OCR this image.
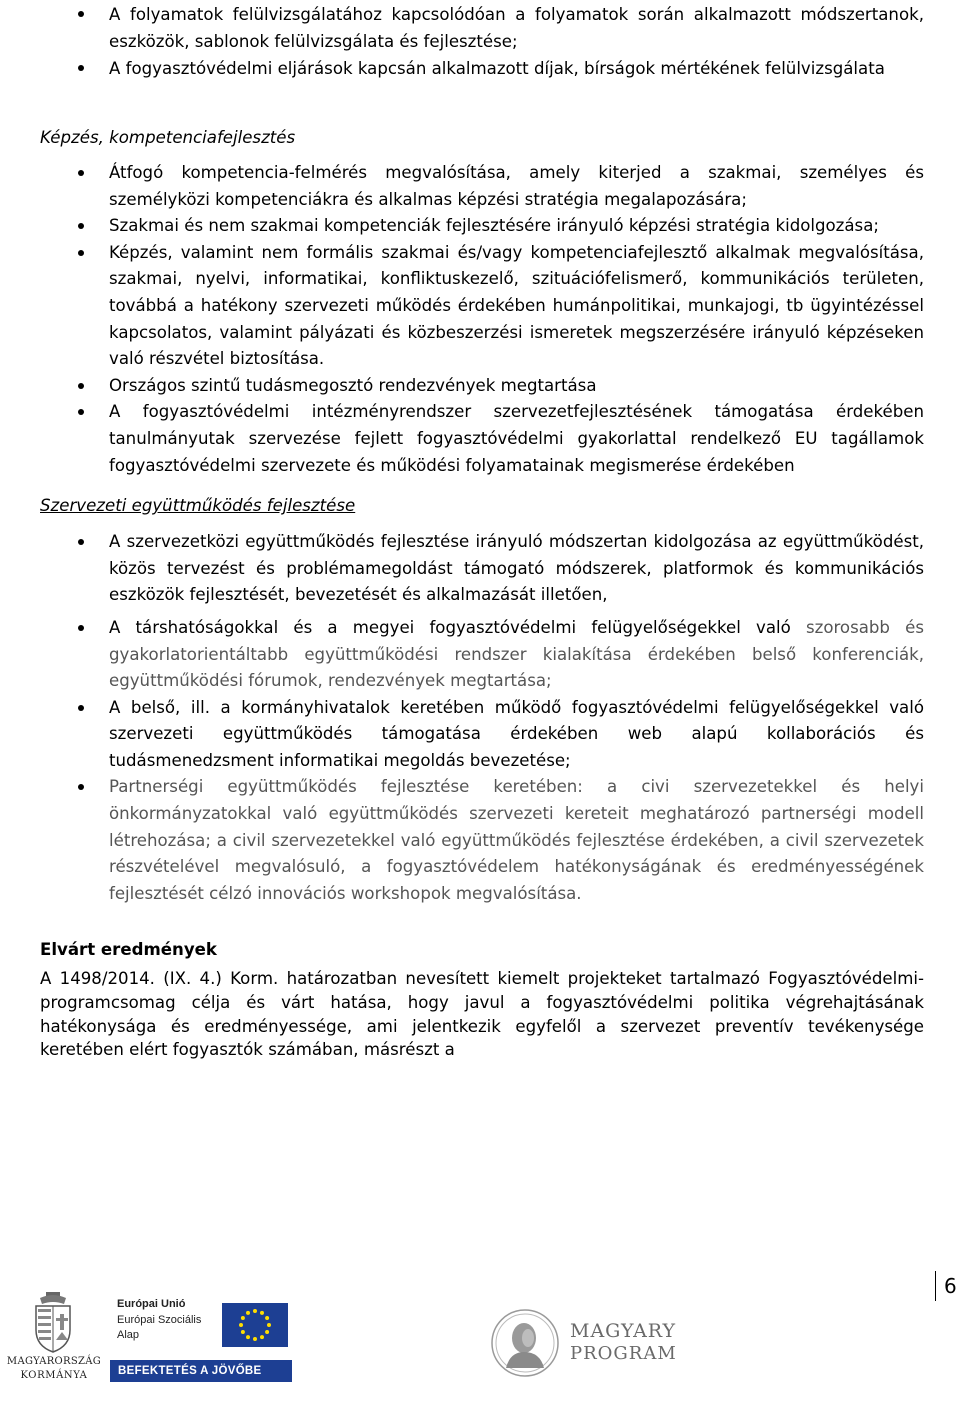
A folyamatok felülvizsgálatához kapcsolódóan a folyamatok során alkalmazott módszertanok, eszközök, sablonok felülvizsgálata és fejlesztése;
A fogyasztóvédelmi eljárások kapcsán alkalmazott díjak, bírságok mértékének felülvizsgálata

Képzés, kompetenciafejlesztés

Átfogó kompetencia-felmérés megvalósítása, amely kiterjed a szakmai, személyes és személyközi kompetenciákra és alkalmas képzési stratégia megalapozására;
Szakmai és nem szakmai kompetenciák fejlesztésére irányuló képzési stratégia kidolgozása;
Képzés, valamint nem formális szakmai és/vagy kompetenciafejlesztő alkalmak megvalósítása, szakmai, nyelvi, informatikai, konfliktuskezelő, szituációfelismerő, kommunikációs területen, továbbá a hatékony szervezeti működés érdekében humánpolitikai, munkajogi, tb ügyintézéssel kapcsolatos, valamint pályázati és közbeszerzési ismeretek megszerzésére irányuló képzéseken való részvétel biztosítása.
Országos szintű tudásmegosztó rendezvények megtartása
A fogyasztóvédelmi intézményrendszer szervezetfejlesztésének támogatása érdekében tanulmányutak szervezése fejlett fogyasztóvédelmi gyakorlattal rendelkező EU tagállamok fogyasztóvédelmi szervezete és működési folyamatainak megismerése érdekében

Szervezeti együttműködés fejlesztése

A szervezetközi együttműködés fejlesztése irányuló módszertan kidolgozása az együttműködést, közös tervezést és problémamegoldást támogató módszerek, platformok és kommunikációs eszközök fejlesztését, bevezetését és alkalmazását illetően,
A társhatóságokkal és a megyei fogyasztóvédelmi felügyelőségekkel való szorosabb és gyakorlatorientáltabb együttműködési rendszer kialakítása érdekében belső konferenciák, együttműködési fórumok, rendezvények megtartása;
A belső, ill. a kormányhivatalok keretében működő fogyasztóvédelmi felügyelőségekkel való szervezeti együttműködés támogatása érdekében web alapú kollaborációs és tudásmenedzsment informatikai megoldás bevezetése;
Partnerségi együttműködés fejlesztése keretében: a civi szervezetekkel és helyi önkormányzatokkal való együttműködés szervezeti kereteit meghatározó partnerségi modell létrehozása; a civil szervezetekkel való együttműködés fejlesztése érdekében, a civil szervezetek részvételével megvalósuló, a fogyasztóvédelem hatékonyságának és eredményességének fejlesztését célzó innovációs workshopok megvalósítása.

Elvárt eredmények

A 1498/2014. (IX. 4.) Korm. határozatban nevesített kiemelt projekteket tartalmazó Fogyasztóvédelmi-programcsomag célja és várt hatása, hogy javul a fogyasztóvédelmi politika végrehajtásának hatékonysága és eredményessége, ami jelentkezik egyfelől a szervezet preventív tevékenysége keretében elért fogyasztók számában, másrészt a

6
MAGYARORSZÁG
KORMÁNYA
Európai Unió
Európai Szociális
Alap
BEFEKTETÉS A JÖVŐBE
MAGYARY
PROGRAM
